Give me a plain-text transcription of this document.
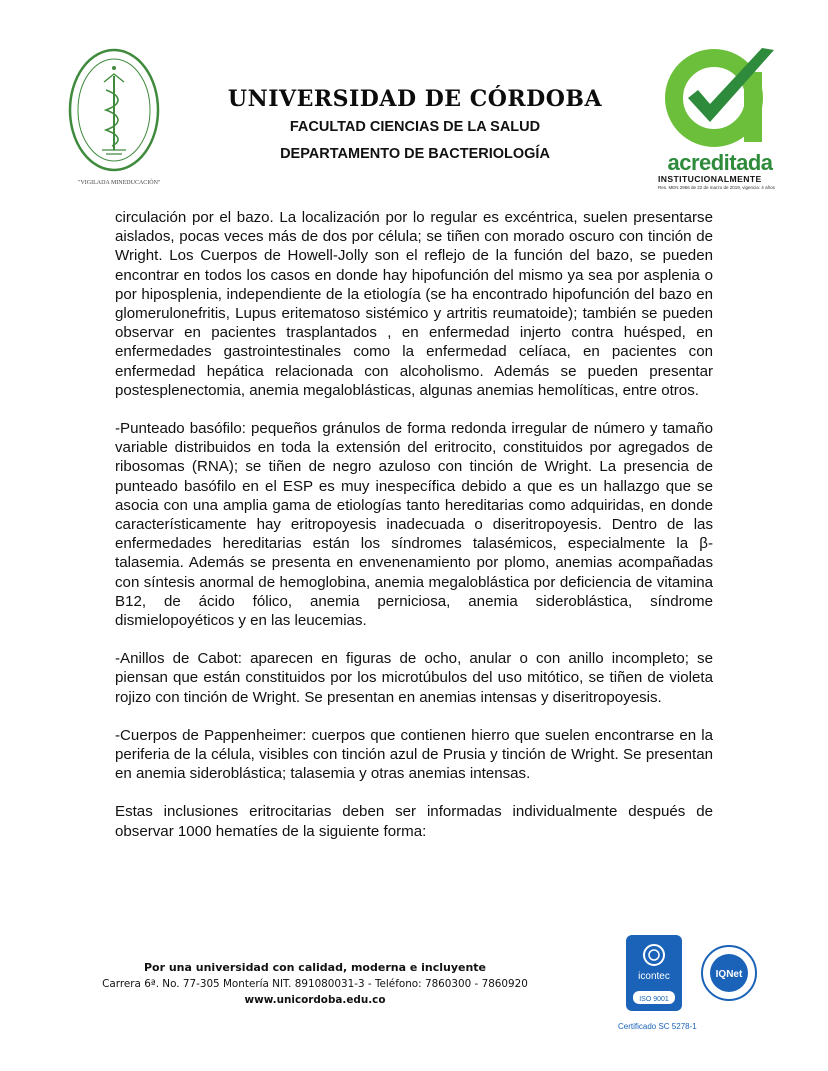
"VIGILADA MINEDUCACIÓN"
UNIVERSIDAD DE CÓRDOBA
FACULTAD CIENCIAS DE LA SALUD
DEPARTAMENTO DE BACTERIOLOGÍA	acreditada
INSTITUCIONALMENTE
Res. MEN 2966 de 22 de marzo de 2019, vigencia: 4 años

circulación por el bazo. La localización por lo regular es excéntrica, suelen presentarse aislados, pocas veces más de dos por célula; se tiñen con morado oscuro con tinción de Wright. Los Cuerpos de Howell-Jolly son el reflejo de la función del bazo, se pueden encontrar en todos los casos en donde hay hipofunción del mismo ya sea por asplenia o por hiposplenia, independiente de la etiología (se ha encontrado hipofunción del bazo en glomerulonefritis, Lupus eritematoso sistémico y artritis reumatoide); también se pueden observar en pacientes trasplantados , en enfermedad injerto contra huésped, en enfermedades gastrointestinales como la enfermedad celíaca, en pacientes con enfermedad hepática relacionada con alcoholismo. Además se pueden presentar postesplenectomia, anemia megaloblásticas, algunas anemias hemolíticas, entre otros.

-Punteado basófilo: pequeños gránulos de forma redonda irregular de número y tamaño variable distribuidos en toda la extensión del eritrocito, constituidos por agregados de ribosomas (RNA); se tiñen de negro azuloso con tinción de Wright. La presencia de punteado basófilo en el ESP es muy inespecífica debido a que es un hallazgo que se asocia con una amplia gama de etiologías tanto hereditarias como adquiridas, en donde característicamente hay eritropoyesis inadecuada o diseritropoyesis. Dentro de las enfermedades hereditarias están los síndromes talasémicos, especialmente la β-talasemia. Además se presenta en envenenamiento por plomo, anemias acompañadas con síntesis anormal de hemoglobina, anemia megaloblástica por deficiencia de vitamina B12, de ácido fólico, anemia perniciosa, anemia sideroblástica, síndrome dismielopoyéticos y en las leucemias.

-Anillos de Cabot: aparecen en figuras de ocho, anular o con anillo incompleto; se piensan que están constituidos por los microtúbulos del uso mitótico, se tiñen de violeta rojizo con tinción de Wright. Se presentan en anemias intensas y diseritropoyesis.

-Cuerpos de Pappenheimer: cuerpos que contienen hierro que suelen encontrarse en la periferia de la célula, visibles con tinción azul de Prusia y tinción de Wright. Se presentan en anemia sideroblástica; talasemia y otras anemias intensas.

Estas inclusiones eritrocitarias deben ser informadas individualmente después de observar 1000 hematíes de la siguiente forma:

Por una universidad con calidad, moderna e incluyente
Carrera 6ª. No. 77-305 Montería NIT. 891080031-3 - Teléfono: 7860300 - 7860920
www.unicordoba.edu.co
icontec
ISO 9001
IQNet
Certificado SC 5278-1
